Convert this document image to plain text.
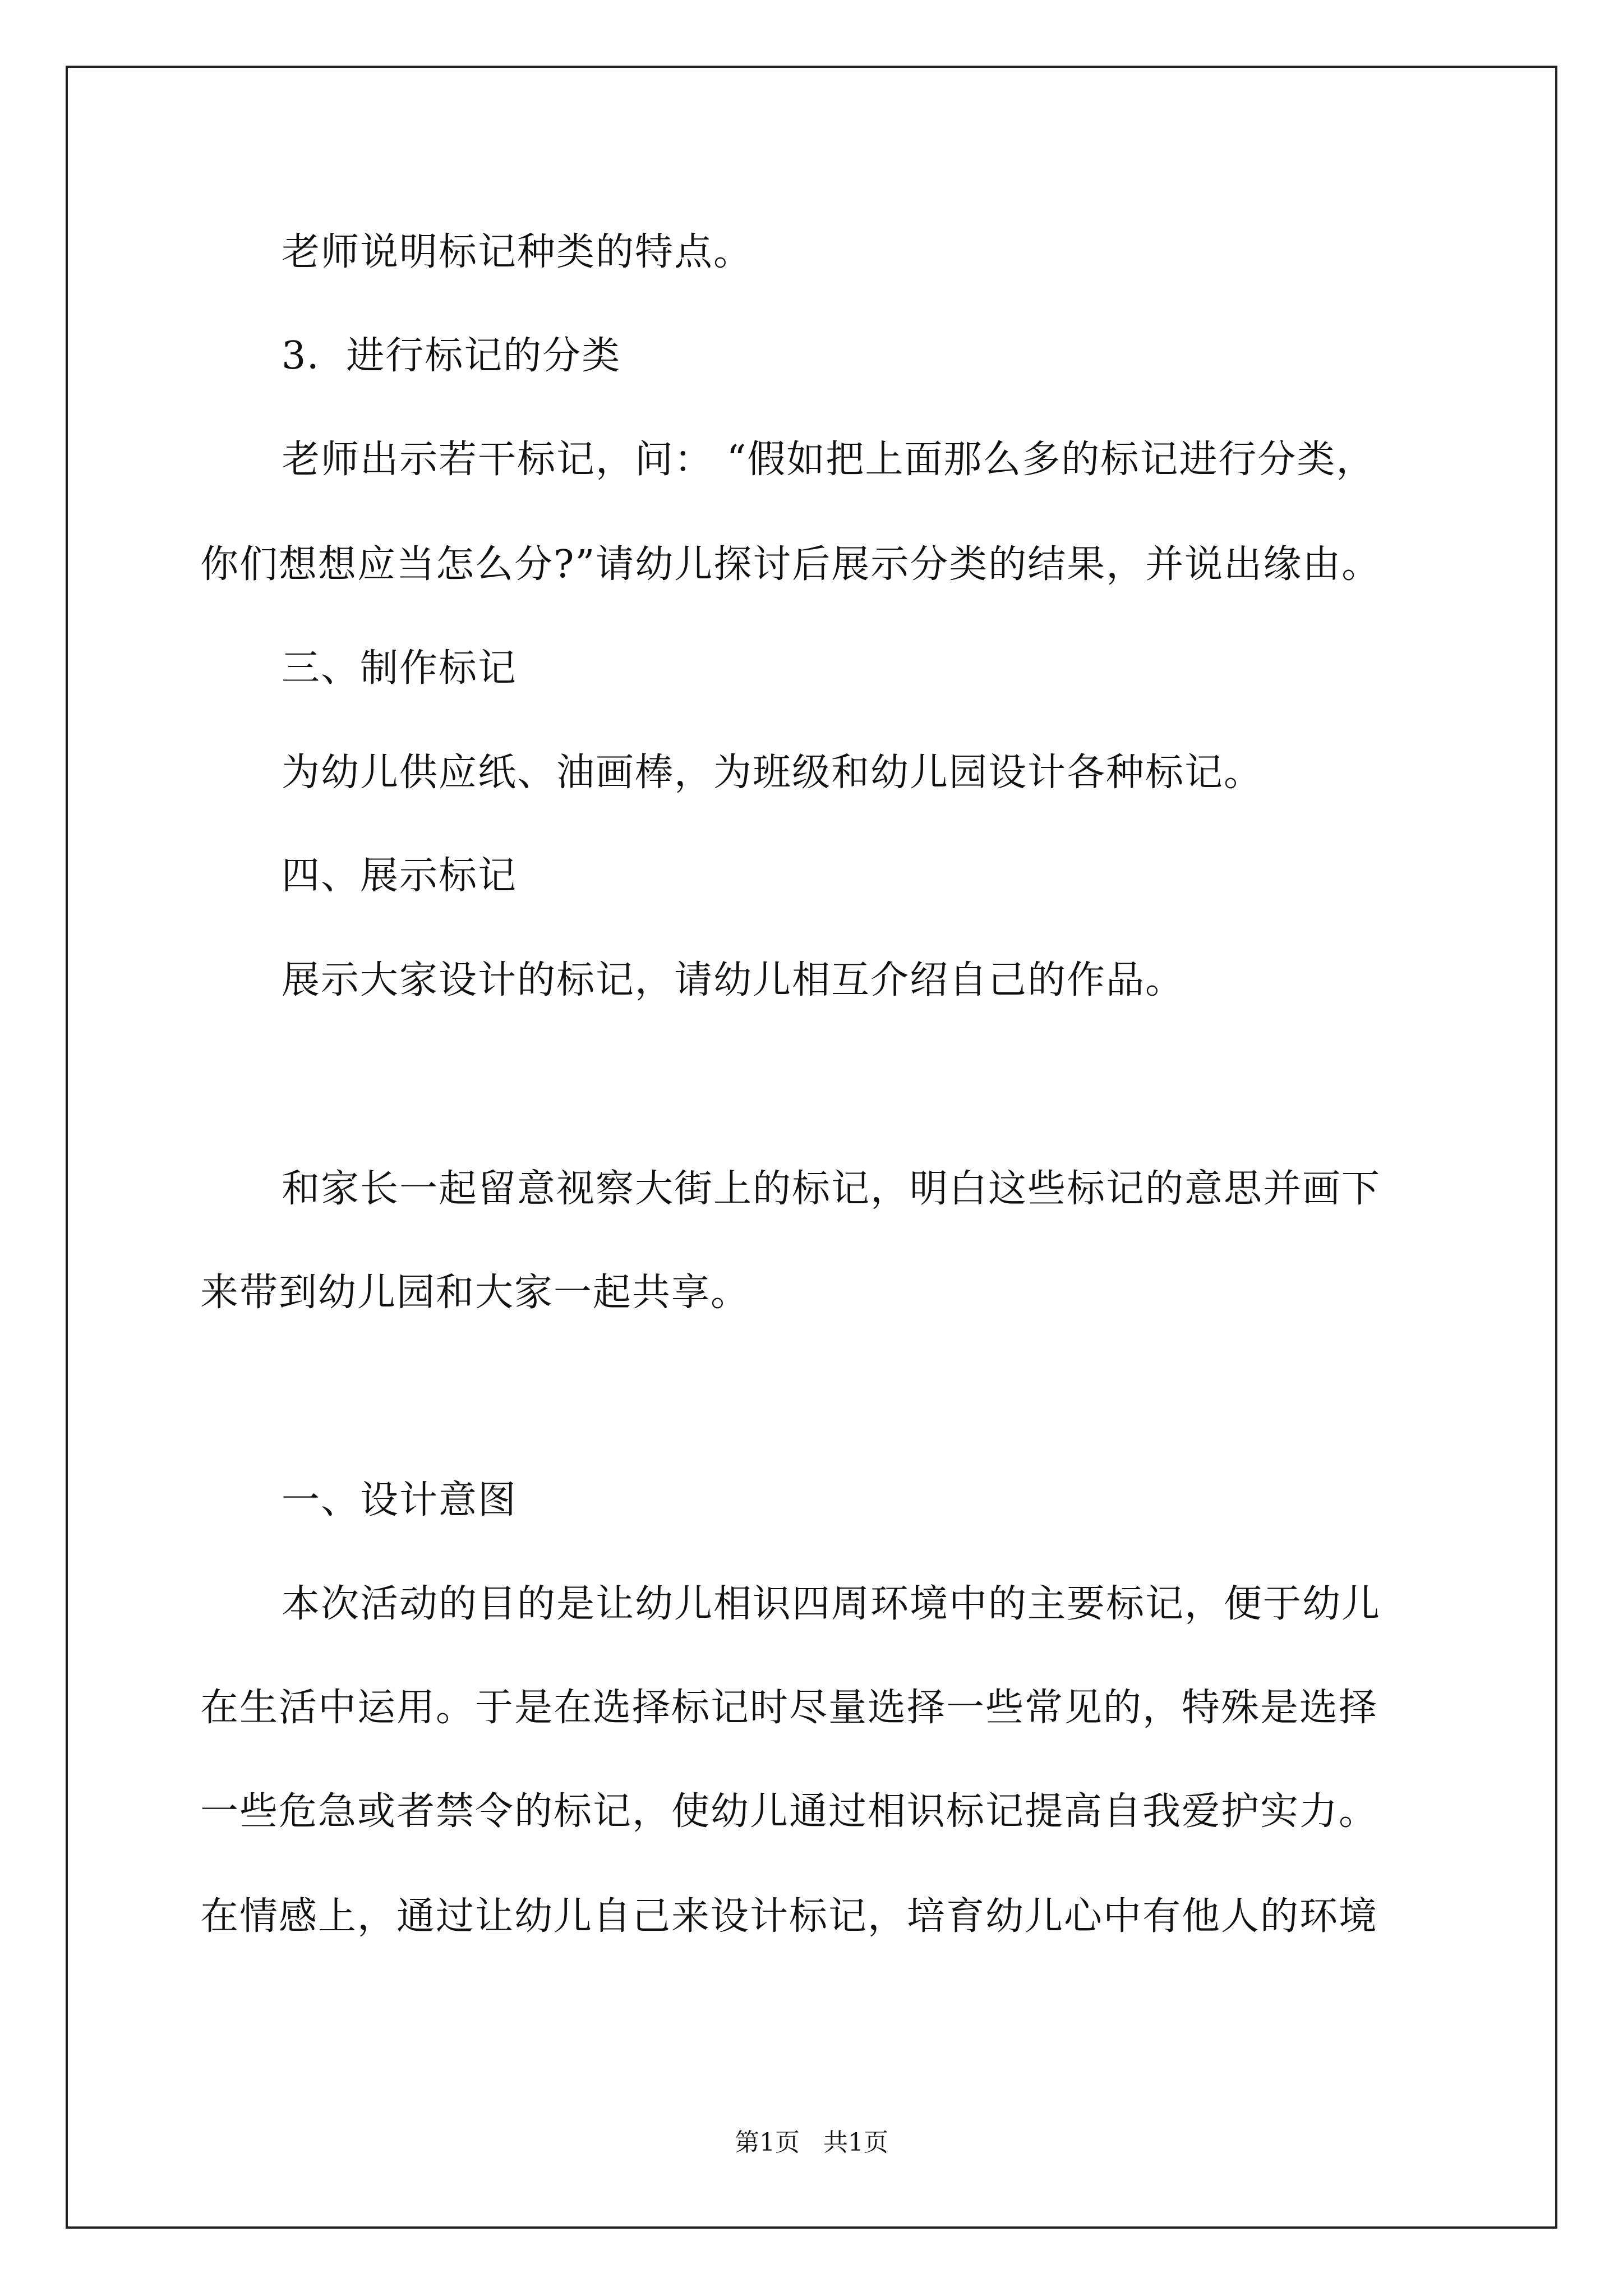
老师说明标记种类的特点。
3．进行标记的分类
老师出示若干标记，问： “假如把上面那么多的标记进行分类，
你们想想应当怎么分?”请幼儿探讨后展示分类的结果，并说出缘由。
三、制作标记
为幼儿供应纸、油画棒，为班级和幼儿园设计各种标记。
四、展示标记
展示大家设计的标记，请幼儿相互介绍自己的作品。
和家长一起留意视察大街上的标记，明白这些标记的意思并画下
来带到幼儿园和大家一起共享。
一、设计意图
本次活动的目的是让幼儿相识四周环境中的主要标记，便于幼儿
在生活中运用。于是在选择标记时尽量选择一些常见的，特殊是选择
一些危急或者禁令的标记，使幼儿通过相识标记提高自我爱护实力。
在情感上，通过让幼儿自己来设计标记，培育幼儿心中有他人的环境
第1页   共1页
